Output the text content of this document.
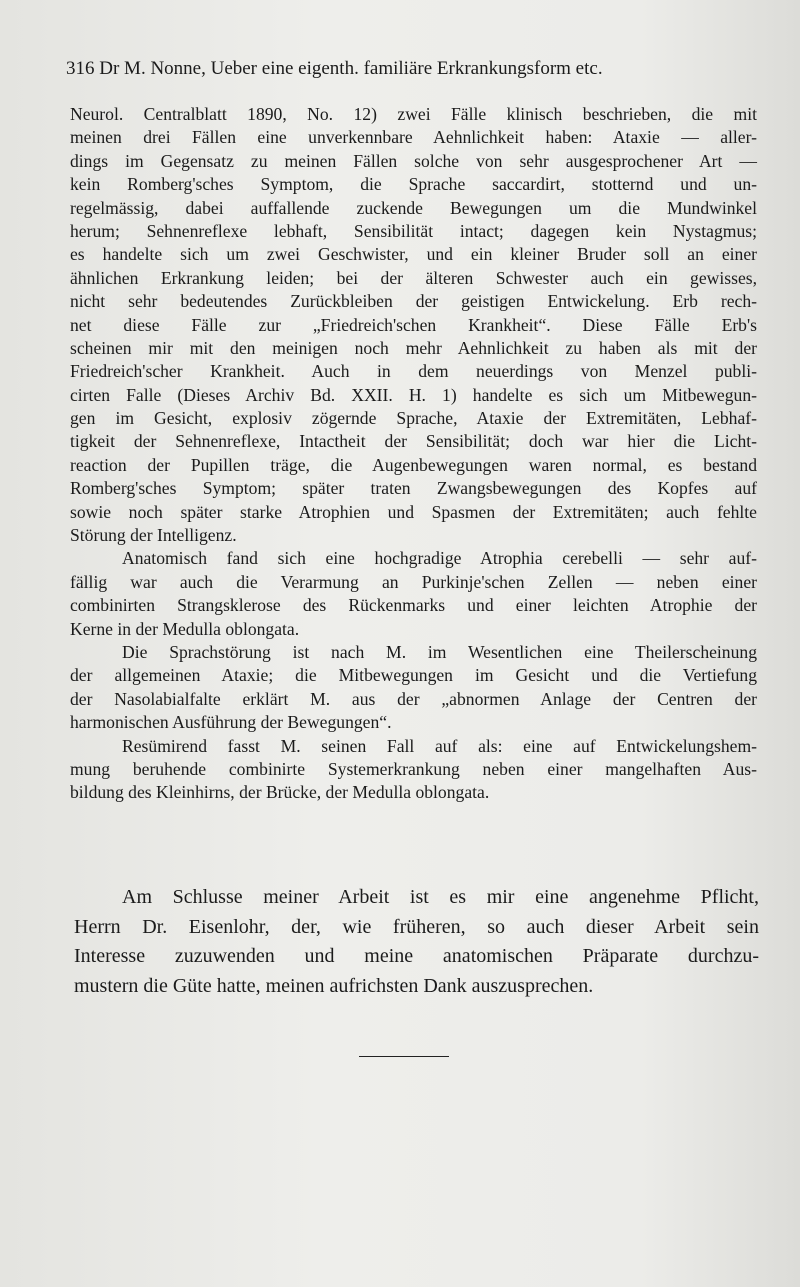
316 Dr M. Nonne, Ueber eine eigenth. familiäre Erkrankungsform etc.
Neurol. Centralblatt 1890, No. 12) zwei Fälle klinisch beschrieben, die mit
meinen drei Fällen eine unverkennbare Aehnlichkeit haben: Ataxie — aller-
dings im Gegensatz zu meinen Fällen solche von sehr ausgesprochener Art —
kein Romberg'sches Symptom, die Sprache saccardirt, stotternd und un-
regelmässig, dabei auffallende zuckende Bewegungen um die Mundwinkel
herum; Sehnenreflexe lebhaft, Sensibilität intact; dagegen kein Nystagmus;
es handelte sich um zwei Geschwister, und ein kleiner Bruder soll an einer
ähnlichen Erkrankung leiden; bei der älteren Schwester auch ein gewisses,
nicht sehr bedeutendes Zurückbleiben der geistigen Entwickelung. Erb rech-
net diese Fälle zur „Friedreich'schen Krankheit“. Diese Fälle Erb's
scheinen mir mit den meinigen noch mehr Aehnlichkeit zu haben als mit der
Friedreich'scher Krankheit. Auch in dem neuerdings von Menzel publi-
cirten Falle (Dieses Archiv Bd. XXII. H. 1) handelte es sich um Mitbewegun-
gen im Gesicht, explosiv zögernde Sprache, Ataxie der Extremitäten, Lebhaf-
tigkeit der Sehnenreflexe, Intactheit der Sensibilität; doch war hier die Licht-
reaction der Pupillen träge, die Augenbewegungen waren normal, es bestand
Romberg'sches Symptom; später traten Zwangsbewegungen des Kopfes auf
sowie noch später starke Atrophien und Spasmen der Extremitäten; auch fehlte
Störung der Intelligenz.
Anatomisch fand sich eine hochgradige Atrophia cerebelli — sehr auf-
fällig war auch die Verarmung an Purkinje'schen Zellen — neben einer
combinirten Strangsklerose des Rückenmarks und einer leichten Atrophie der
Kerne in der Medulla oblongata.
Die Sprachstörung ist nach M. im Wesentlichen eine Theilerscheinung
der allgemeinen Ataxie; die Mitbewegungen im Gesicht und die Vertiefung
der Nasolabialfalte erklärt M. aus der „abnormen Anlage der Centren der
harmonischen Ausführung der Bewegungen“.
Resümirend fasst M. seinen Fall auf als: eine auf Entwickelungshem-
mung beruhende combinirte Systemerkrankung neben einer mangelhaften Aus-
bildung des Kleinhirns, der Brücke, der Medulla oblongata.
Am Schlusse meiner Arbeit ist es mir eine angenehme Pflicht,
Herrn Dr. Eisenlohr, der, wie früheren, so auch dieser Arbeit sein
Interesse zuzuwenden und meine anatomischen Präparate durchzu-
mustern die Güte hatte, meinen aufrichsten Dank auszusprechen.
